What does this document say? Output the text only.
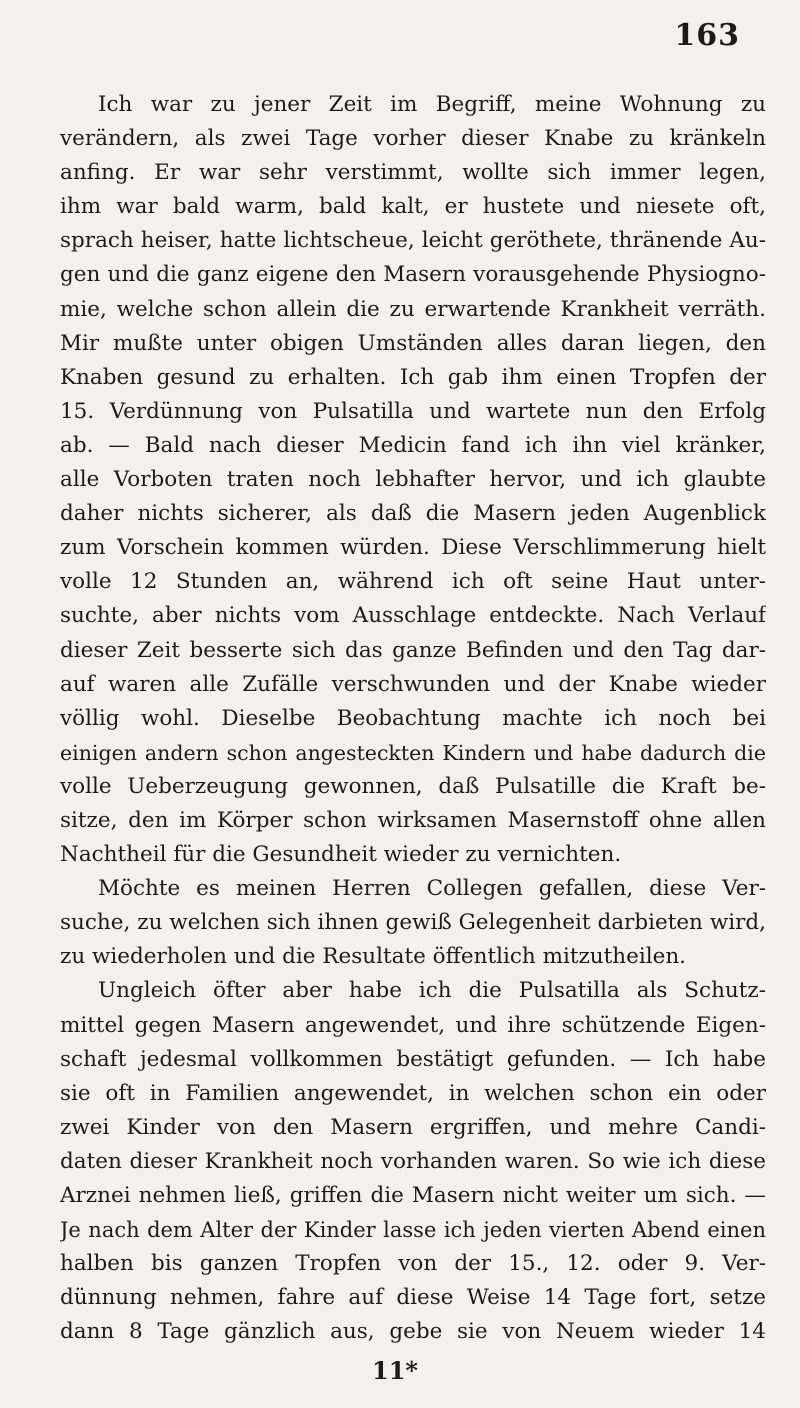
163
Ich war zu jener Zeit im Begriff, meine Wohnung zu
verändern, als zwei Tage vorher dieser Knabe zu kränkeln
anfing. Er war sehr verstimmt, wollte sich immer legen,
ihm war bald warm, bald kalt, er hustete und niesete oft,
sprach heiser, hatte lichtscheue, leicht geröthete, thränende Au-
gen und die ganz eigene den Masern vorausgehende Physiogno-
mie, welche schon allein die zu erwartende Krankheit verräth.
Mir mußte unter obigen Umständen alles daran liegen, den
Knaben gesund zu erhalten. Ich gab ihm einen Tropfen der
15. Verdünnung von Pulsatilla und wartete nun den Erfolg
ab. — Bald nach dieser Medicin fand ich ihn viel kränker,
alle Vorboten traten noch lebhafter hervor, und ich glaubte
daher nichts sicherer, als daß die Masern jeden Augenblick
zum Vorschein kommen würden. Diese Verschlimmerung hielt
volle 12 Stunden an, während ich oft seine Haut unter-
suchte, aber nichts vom Ausschlage entdeckte. Nach Verlauf
dieser Zeit besserte sich das ganze Befinden und den Tag dar-
auf waren alle Zufälle verschwunden und der Knabe wieder
völlig wohl. Dieselbe Beobachtung machte ich noch bei
einigen andern schon angesteckten Kindern und habe dadurch die
volle Ueberzeugung gewonnen, daß Pulsatille die Kraft be-
sitze, den im Körper schon wirksamen Masernstoff ohne allen
Nachtheil für die Gesundheit wieder zu vernichten.
Möchte es meinen Herren Collegen gefallen, diese Ver-
suche, zu welchen sich ihnen gewiß Gelegenheit darbieten wird,
zu wiederholen und die Resultate öffentlich mitzutheilen.
Ungleich öfter aber habe ich die Pulsatilla als Schutz-
mittel gegen Masern angewendet, und ihre schützende Eigen-
schaft jedesmal vollkommen bestätigt gefunden. — Ich habe
sie oft in Familien angewendet, in welchen schon ein oder
zwei Kinder von den Masern ergriffen, und mehre Candi-
daten dieser Krankheit noch vorhanden waren. So wie ich diese
Arznei nehmen ließ, griffen die Masern nicht weiter um sich. —
Je nach dem Alter der Kinder lasse ich jeden vierten Abend einen
halben bis ganzen Tropfen von der 15., 12. oder 9. Ver-
dünnung nehmen, fahre auf diese Weise 14 Tage fort, setze
dann 8 Tage gänzlich aus, gebe sie von Neuem wieder 14
11*
